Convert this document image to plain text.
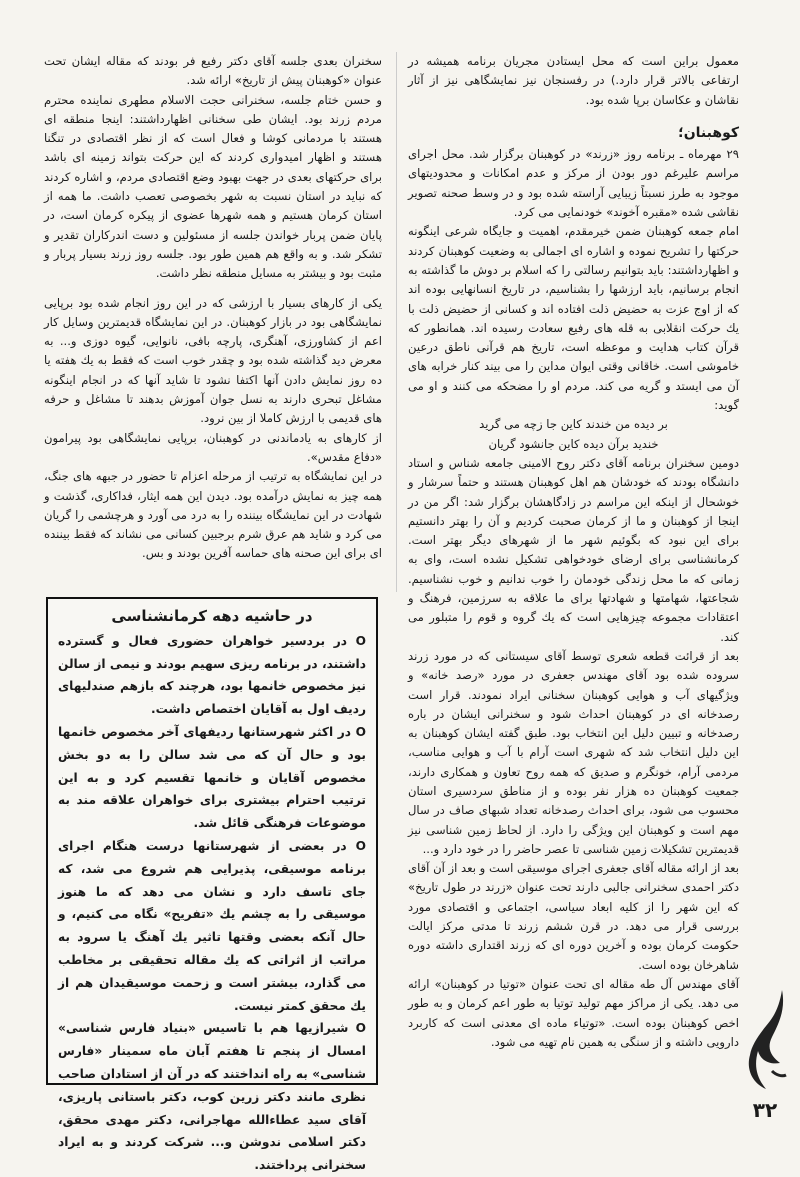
معمول براین است که محل ایستادن مجریان برنامه همیشه در ارتفاعی بالاتر قرار دارد.) در رفسنجان نیز نمایشگاهی نیز از آثار نقاشان و عکاسان برپا شده بود.

کوهبنان؛

۲۹ مهرماه ـ برنامه روز «زرند» در کوهبنان برگزار شد. محل اجرای مراسم علیرغم دور بودن از مرکز و عدم امکانات و محدودیتهای موجود به طرز نسبتاً زیبایی آراسته شده بود و در وسط صحنه تصویر نقاشی شده «مقبره آخوند» خودنمایی می کرد.

امام جمعه کوهبنان ضمن خیرمقدم، اهمیت و جایگاه شرعی اینگونه حرکتها را تشریح نموده و اشاره ای اجمالی به وضعیت کوهبنان کردند و اظهارداشتند: باید بتوانیم رسالتی را که اسلام بر دوش ما گذاشته به انجام برسانیم، باید ارزشها را بشناسیم، در تاریخ انسانهایی بوده اند که از اوج عزت به حضیض ذلت افتاده اند و کسانی از حضیض ذلت با یك حرکت انقلابی به قله های رفیع سعادت رسیده اند. همانطور که قرآن کتاب هدایت و موعظه است، تاریخ هم قرآنی ناطق درعین خاموشی است. خاقانی وقتی ایوان مداین را می بیند کنار خرابه های آن می ایستد و گریه می کند. مردم او را مضحکه می کنند و او می گوید:

بر دیده من خندند کاین جا زچه می گرید

خندید برآن دیده کاین جانشود گریان

دومین سخنران برنامه آقای دکتر روح الامینی جامعه شناس و استاد دانشگاه بودند که خودشان هم اهل کوهبنان هستند و حتماً سرشار و خوشحال از اینکه این مراسم در زادگاهشان برگزار شد: اگر من در اینجا از کوهبنان و ما از کرمان صحبت کردیم و آن را بهتر دانستیم برای این نبود که بگوئیم شهر ما از شهرهای دیگر بهتر است. کرمانشناسی برای ارضای خودخواهی تشکیل نشده است، وای به زمانی که ما محل زندگی خودمان را خوب ندانیم و خوب نشناسیم. شجاعتها، شهامتها و شهادتها برای ما علاقه به سرزمین، فرهنگ و اعتقادات مجموعه چیزهایی است که یك گروه و قوم را متبلور می کند.

بعد از قرائت قطعه شعری توسط آقای سیستانی که در مورد زرند سروده شده بود آقای مهندس جعفری در مورد «رصد خانه» و ویژگیهای آب و هوایی کوهبنان سخنانی ایراد نمودند. قرار است رصدخانه ای در کوهبنان احداث شود و سخنرانی ایشان در باره رصدخانه و تبیین دلیل این انتخاب بود. طبق گفته ایشان کوهبنان به این دلیل انتخاب شد که شهری است آرام با آب و هوایی مناسب، مردمی آرام، خونگرم و صدیق که همه روح تعاون و همکاری دارند، جمعیت کوهبنان ده هزار نفر بوده و از مناطق سردسیری استان محسوب می شود، برای احداث رصدخانه تعداد شبهای صاف در سال مهم است و کوهبنان این ویژگی را دارد. از لحاظ زمین شناسی نیز قدیمترین تشکیلات زمین شناسی تا عصر حاضر را در خود دارد و...

بعد از ارائه مقاله آقای جعفری اجرای موسیقی است و بعد از آن آقای دکتر احمدی سخنرانی جالبی دارند تحت عنوان «زرند در طول تاریخ» که این شهر را از کلیه ابعاد سیاسی، اجتماعی و اقتصادی مورد بررسی قرار می دهد. در قرن ششم زرند تا مدتی مرکز ایالت حکومت کرمان بوده و آخرین دوره ای که زرند اقتداری داشته دوره شاهرخان بوده است.

آقای مهندس آل طه مقاله ای تحت عنوان «توتیا در کوهبنان» ارائه می دهد. یکی از مراکز مهم تولید توتیا به طور اعم کرمان و به طور اخص کوهبنان بوده است. «توتیاء ماده ای معدنی است که کاربرد دارویی داشته و از سنگی به همین نام تهیه می شود.

سخنران بعدی جلسه آقای دکتر رفیع فر بودند که مقاله ایشان تحت عنوان «کوهبنان پیش از تاریخ» ارائه شد.

و حسن ختام جلسه، سخنرانی حجت الاسلام مطهری نماینده محترم مردم زرند بود. ایشان طی سخنانی اظهارداشتند: اینجا منطقه ای هستند با مردمانی کوشا و فعال است که از نظر اقتصادی در تنگنا هستند و اظهار امیدواری کردند که این حرکت بتواند زمینه ای باشد برای حرکتهای بعدی در جهت بهبود وضع اقتصادی مردم، و اشاره کردند که نباید در استان نسبت به شهر بخصوصی تعصب داشت. ما همه از استان کرمان هستیم و همه شهرها عضوی از پیکره کرمان است، در پایان ضمن پربار خواندن جلسه از مسئولین و دست اندرکاران تقدیر و تشکر شد. و به واقع هم همین طور بود. جلسه روز زرند بسیار پربار و مثبت بود و بیشتر به مسایل منطقه نظر داشت.

یکی از کارهای بسیار با ارزشی که در این روز انجام شده بود برپایی نمایشگاهی بود در بازار کوهبنان. در این نمایشگاه قدیمترین وسایل کار اعم از کشاورزی، آهنگری، پارچه بافی، نانوایی، گیوه دوزی و... به معرض دید گذاشته شده بود و چقدر خوب است که فقط به یك هفته یا ده روز نمایش دادن آنها اکتفا نشود تا شاید آنها که در انجام اینگونه مشاغل تبحری دارند به نسل جوان آموزش بدهند تا مشاغل و حرفه های قدیمی با ارزش کاملا از بین نرود.

از کارهای به یادماندنی در کوهبنان، برپایی نمایشگاهی بود پیرامون «دفاع مقدس».

در این نمایشگاه به ترتیب از مرحله اعزام تا حضور در جبهه های جنگ، همه چیز به نمایش درآمده بود. دیدن این همه ایثار، فداکاری، گذشت و شهادت در این نمایشگاه بیننده را به درد می آورد و هرچشمی را گریان می کرد و شاید هم عرق شرم برجبین کسانی می نشاند که فقط بیننده ای برای این صحنه های حماسه آفرین بودند و بس.

در حاشیه دهه کرمانشناسی

O در بردسیر خواهران حضوری فعال و گسترده داشتند، در برنامه ریزی سهیم بودند و نیمی از سالن نیز مخصوص خانمها بود، هرچند که بازهم صندلیهای ردیف اول به آقایان اختصاص داشت.

O در اکثر شهرستانها ردیفهای آخر مخصوص خانمها بود و حال آن که می شد سالن را به دو بخش مخصوص آقایان و خانمها تقسیم کرد و به این ترتیب احترام بیشتری برای خواهران علاقه مند به موضوعات فرهنگی قائل شد.

O در بعضی از شهرستانها درست هنگام اجرای برنامه موسیقی، پذیرایی هم شروع می شد، که جای تاسف دارد و نشان می دهد که ما هنوز موسیقی را به چشم یك «تفریح» نگاه می کنیم، و حال آنکه بعضی وقتها تاثیر یك آهنگ یا سرود به مراتب از اثراتی که یك مقاله تحقیقی بر مخاطب می گذارد، بیشتر است و زحمت موسیقیدان هم از یك محقق کمتر نیست.

O شیرازیها هم با تاسیس «بنیاد فارس شناسی» امسال از پنجم تا هفتم آبان ماه سمینار «فارس شناسی» به راه انداختند که در آن از استادان صاحب نظری مانند دکتر زرین کوب، دکتر باستانی پاریزی، آقای سید عطاءالله مهاجرانی، دکتر مهدی محقق، دکتر اسلامی ندوشن و... شرکت کردند و به ایراد سخنرانی پرداختند.

۳۲
